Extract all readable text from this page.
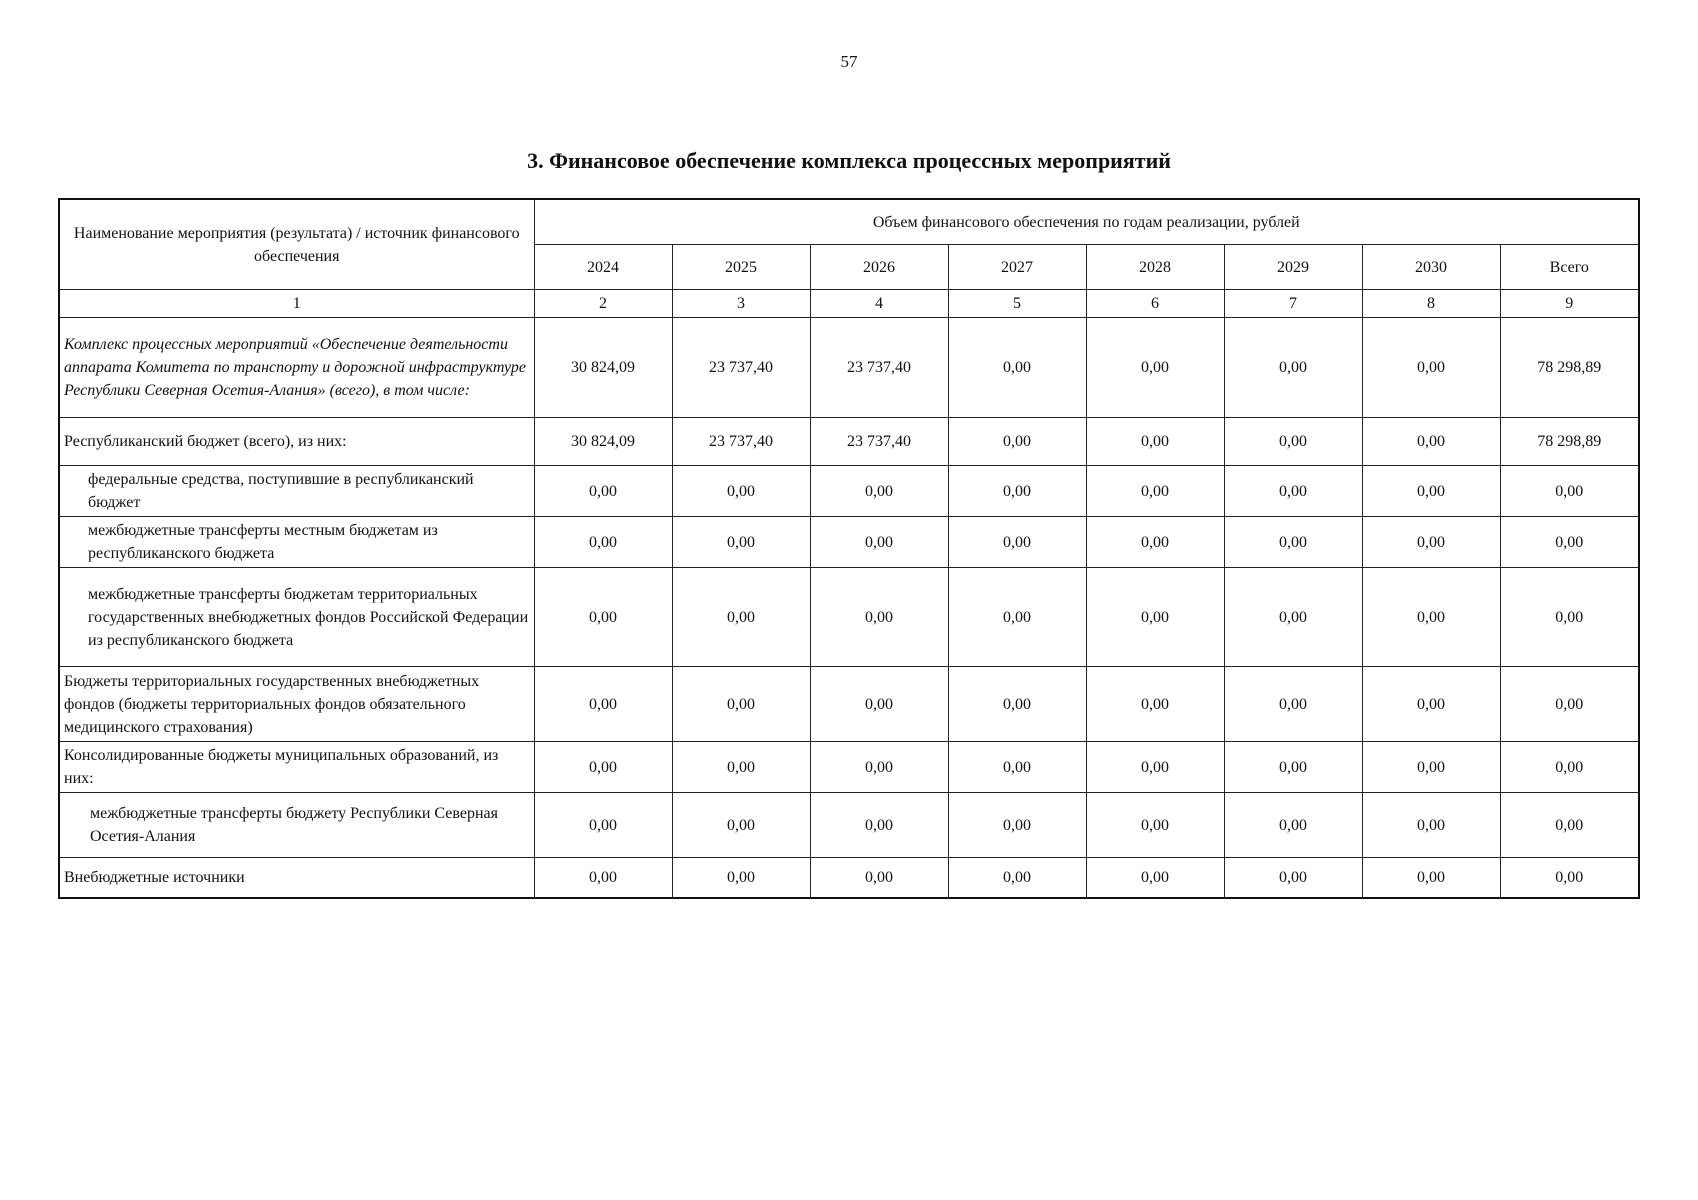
57
3. Финансовое обеспечение комплекса процессных мероприятий
Наименование мероприятия (результата) / источник финансового обеспечения	Объем финансового обеспечения по годам реализации, рублей							
	2024	2025	2026	2027	2028	2029	2030	Всего
1	2	3	4	5	6	7	8	9
Комплекс процессных мероприятий «Обеспечение деятельности аппарата Комитета по транспорту и дорожной инфраструктуре Республики Северная Осетия-Алания» (всего), в том числе:	30 824,09	23 737,40	23 737,40	0,00	0,00	0,00	0,00	78 298,89
Республиканский бюджет (всего), из них:	30 824,09	23 737,40	23 737,40	0,00	0,00	0,00	0,00	78 298,89
федеральные средства, поступившие в республиканский бюджет	0,00	0,00	0,00	0,00	0,00	0,00	0,00	0,00
межбюджетные трансферты местным бюджетам из республиканского бюджета	0,00	0,00	0,00	0,00	0,00	0,00	0,00	0,00
межбюджетные трансферты бюджетам территориальных государственных внебюджетных фондов Российской Федерации из республиканского бюджета	0,00	0,00	0,00	0,00	0,00	0,00	0,00	0,00
Бюджеты территориальных государственных внебюджетных фондов (бюджеты территориальных фондов обязательного медицинского страхования)	0,00	0,00	0,00	0,00	0,00	0,00	0,00	0,00
Консолидированные бюджеты муниципальных образований, из них:	0,00	0,00	0,00	0,00	0,00	0,00	0,00	0,00
межбюджетные трансферты бюджету Республики Северная Осетия-Алания	0,00	0,00	0,00	0,00	0,00	0,00	0,00	0,00
Внебюджетные источники	0,00	0,00	0,00	0,00	0,00	0,00	0,00	0,00
